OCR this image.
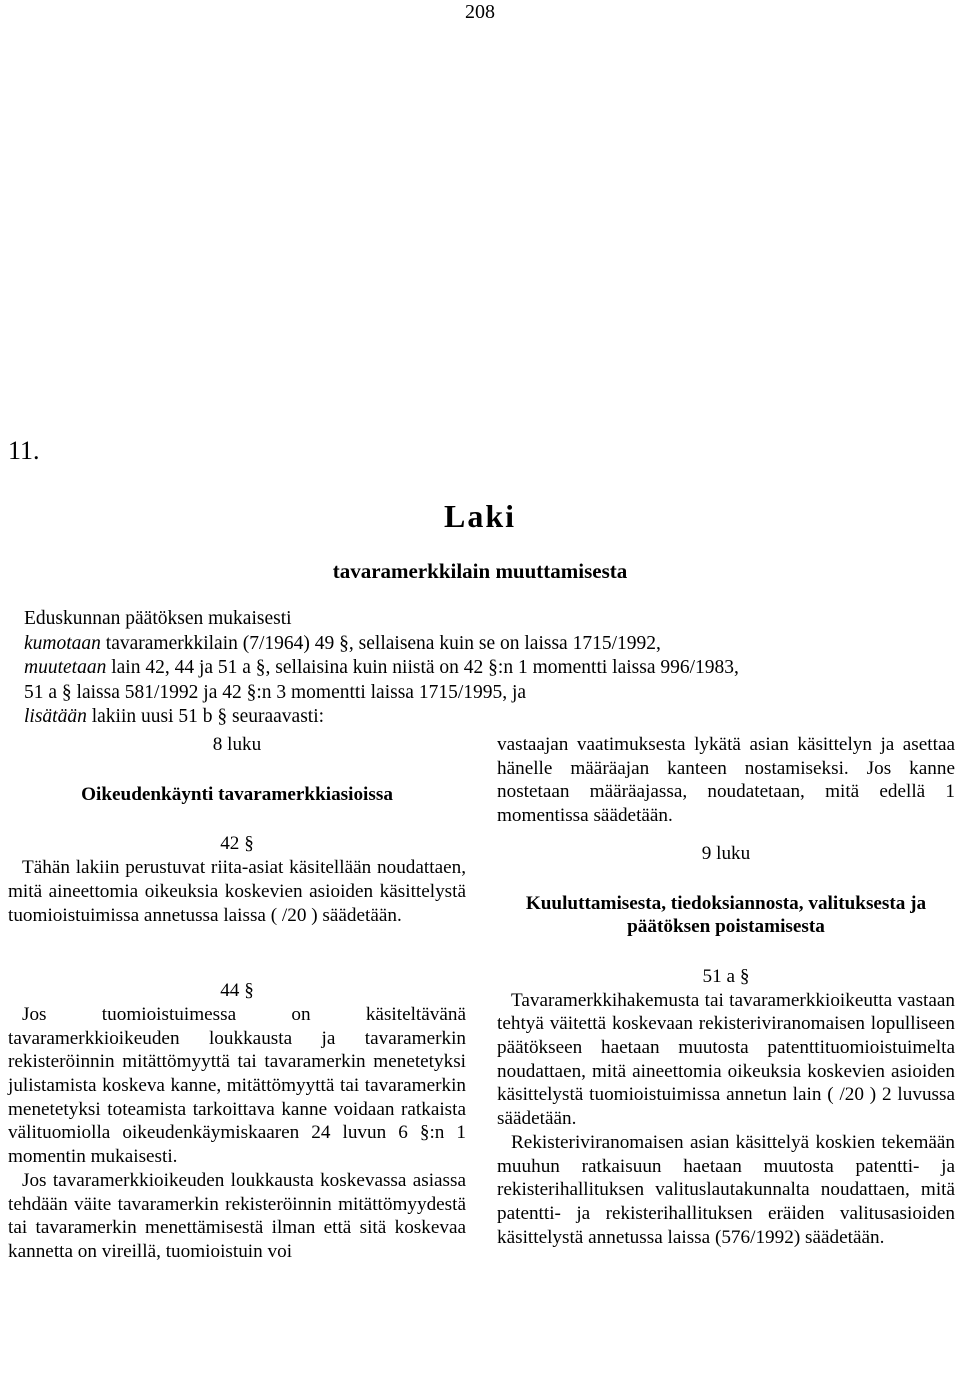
208
11.
Laki
tavaramerkkilain muuttamisesta

Eduskunnan päätöksen mukaisesti

kumotaan tavaramerkkilain (7/1964) 49 §, sellaisena kuin se on laissa 1715/1992,

muutetaan lain 42, 44 ja 51 a §, sellaisina kuin niistä on 42 §:n 1 momentti laissa 996/1983,

51 a § laissa 581/1992 ja 42 §:n 3 momentti laissa 1715/1995, ja

lisätään lakiin uusi 51 b § seuraavasti:

8 luku

Oikeudenkäynti tavaramerkkiasioissa

42 §

Tähän lakiin perustuvat riita-asiat käsitellään noudattaen, mitä aineettomia oikeuksia koskevien asioiden käsittelystä tuomioistuimissa annetussa laissa ( /20 ) säädetään.

44 §

Jos tuomioistuimessa on käsiteltävänä tavaramerkkioikeuden loukkausta ja tavaramerkin rekisteröinnin mitättömyyttä tai tavaramerkin menetetyksi julistamista koskeva kanne, mitättömyyttä tai tavaramerkin menetetyksi toteamista tarkoittava kanne voidaan ratkaista välituomiolla oikeudenkäymiskaaren 24 luvun 6 §:n 1 momentin mukaisesti.

Jos tavaramerkkioikeuden loukkausta koskevassa asiassa tehdään väite tavaramerkin rekisteröinnin mitättömyydestä tai tavaramerkin menettämisestä ilman että sitä koskevaa kannetta on vireillä, tuomioistuin voi

vastaajan vaatimuksesta lykätä asian käsittelyn ja asettaa hänelle määräajan kanteen nostamiseksi. Jos kanne nostetaan määräajassa, noudatetaan, mitä edellä 1 momentissa säädetään.

9 luku

Kuuluttamisesta, tiedoksiannosta, valituksesta ja päätöksen poistamisesta

51 a §

Tavaramerkkihakemusta tai tavaramerkkioikeutta vastaan tehtyä väitettä koskevaan rekisteriviranomaisen lopulliseen päätökseen haetaan muutosta patenttituomioistuimelta noudattaen, mitä aineettomia oikeuksia koskevien asioiden käsittelystä tuomioistuimissa annetun lain ( /20 ) 2 luvussa säädetään.

Rekisteriviranomaisen asian käsittelyä koskien tekemään muuhun ratkaisuun haetaan muutosta patentti- ja rekisterihallituksen valituslautakunnalta noudattaen, mitä patentti- ja rekisterihallituksen eräiden valitusasioiden käsittelystä annetussa laissa (576/1992) säädetään.
